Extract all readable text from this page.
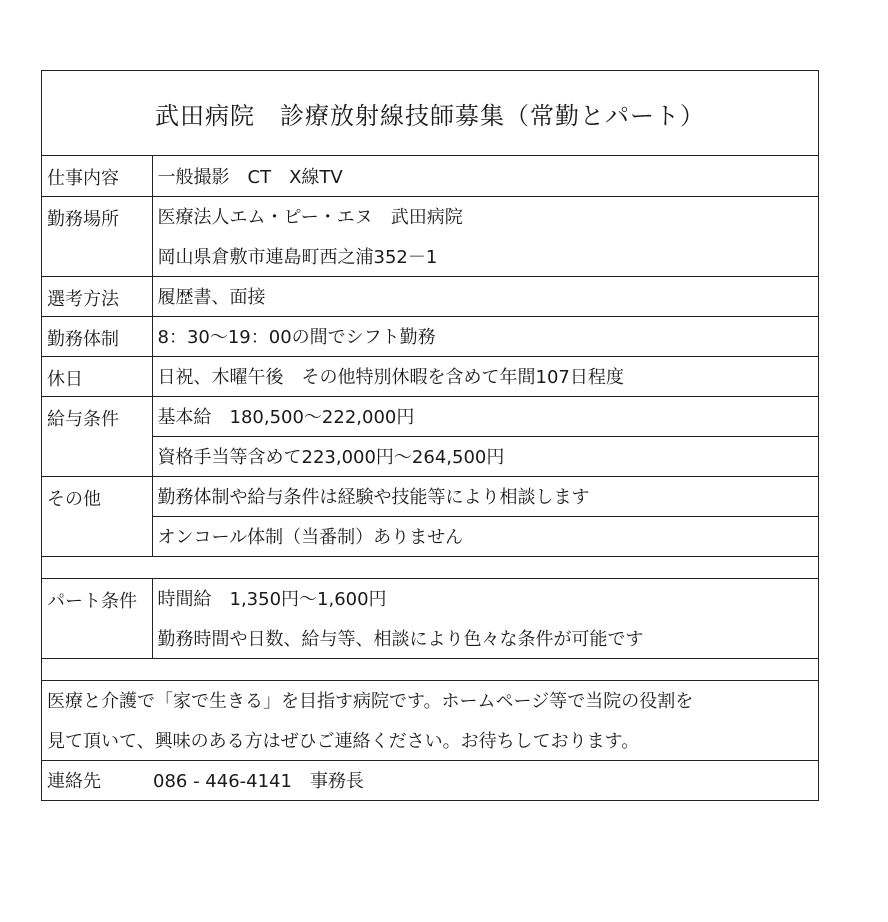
武田病院　診療放射線技師募集（常勤とパート）
仕事内容	一般撮影　CT　X線TV
勤務場所	医療法人エム・ピー・エヌ　武田病院
	岡山県倉敷市連島町西之浦352－1
選考方法	履歴書、面接
勤務体制	8：30～19：00の間でシフト勤務
休日	日祝、木曜午後　その他特別休暇を含めて年間107日程度
給与条件	基本給　180,500～222,000円
	資格手当等含めて223,000円～264,500円
その他	勤務体制や給与条件は経験や技能等により相談します
	オンコール体制（当番制）ありません

パート条件	時間給　1,350円～1,600円
	勤務時間や日数、給与等、相談により色々な条件が可能です

医療と介護で「家で生きる」を目指す病院です。ホームページ等で当院の役割を	
見て頂いて、興味のある方はぜひご連絡ください。お待ちしております。	
連絡先 086 - 446-4141　事務長	
